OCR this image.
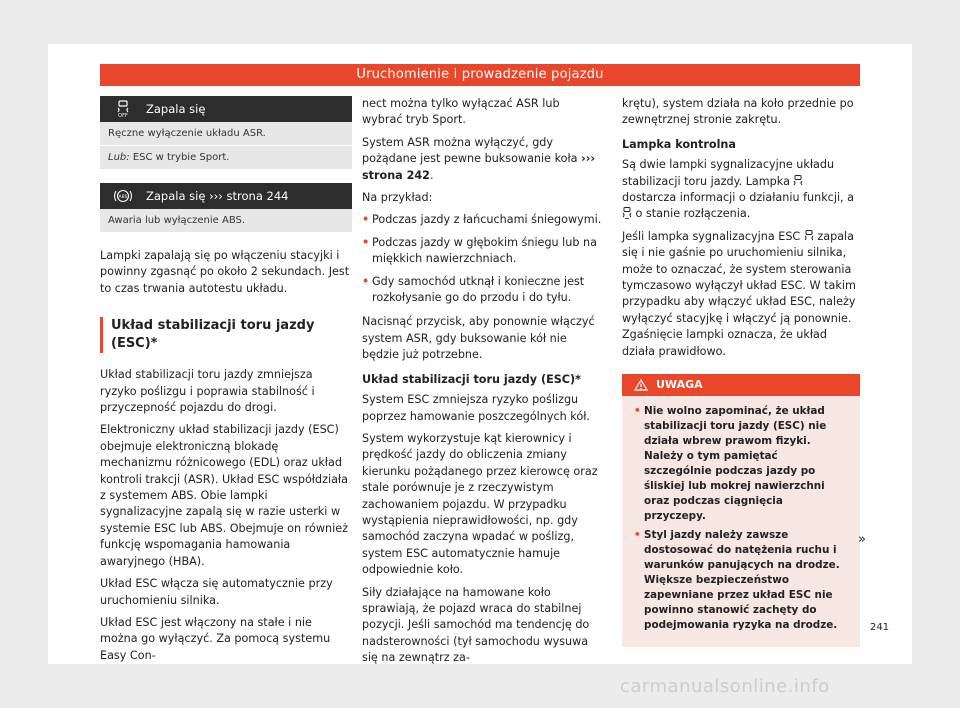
Uruchomienie i prowadzenie pojazdu
OFF
Zapala się
Ręczne wyłączenie układu ASR.
Lub: ESC w trybie Sport.
ABS Zapala się ››› strona 244
Awaria lub wyłączenie ABS.

Lampki zapalają się po włączeniu stacyjki i powinny zgasnąć po około 2 sekundach. Jest to czas trwania autotestu układu.

Układ stabilizacji toru jazdy (ESC)*

Układ stabilizacji toru jazdy zmniejsza ryzyko poślizgu i poprawia stabilność i przyczepność pojazdu do drogi.

Elektroniczny układ stabilizacji jazdy (ESC) obejmuje elektroniczną blokadę mechanizmu różnicowego (EDL) oraz układ kontroli trakcji (ASR). Układ ESC współdziała z systemem ABS. Obie lampki sygnalizacyjne zapalą się w razie usterki w systemie ESC lub ABS. Obejmuje on również funkcję wspomagania hamowania awaryjnego (HBA).

Układ ESC włącza się automatycznie przy uruchomieniu silnika.

Układ ESC jest włączony na stałe i nie można go wyłączyć. Za pomocą systemu Easy Con-

nect można tylko wyłączać ASR lub wybrać tryb Sport.

System ASR można wyłączyć, gdy pożądane jest pewne buksowanie koła ››› strona 242.

Na przykład:

• Podczas jazdy z łańcuchami śniegowymi.
• Podczas jazdy w głębokim śniegu lub na miękkich nawierzchniach.
• Gdy samochód utknął i konieczne jest rozkołysanie go do przodu i do tyłu.

Nacisnąć przycisk, aby ponownie włączyć system ASR, gdy buksowanie kół nie będzie już potrzebne.

Układ stabilizacji toru jazdy (ESC)*

System ESC zmniejsza ryzyko poślizgu poprzez hamowanie poszczególnych kół.

System wykorzystuje kąt kierownicy i prędkość jazdy do obliczenia zmiany kierunku pożądanego przez kierowcę oraz stale porównuje je z rzeczywistym zachowaniem pojazdu. W przypadku wystąpienia nieprawidłowości, np. gdy samochód zaczyna wpadać w poślizg, system ESC automatycznie hamuje odpowiednie koło.

Siły działające na hamowane koło sprawiają, że pojazd wraca do stabilnej pozycji. Jeśli samochód ma tendencję do nadsterowności (tył samochodu wysuwa się na zewnątrz za-

krętu), system działa na koło przednie po zewnętrznej stronie zakrętu.

Lampka kontrolna

Są dwie lampki sygnalizacyjne układu stabilizacji toru jazdy. Lampka
dostarcza informacji o działaniu funkcji, a
o stanie rozłączenia.

Jeśli lampka sygnalizacyjna ESC
zapala się i nie gaśnie po uruchomieniu silnika, może to oznaczać, że system sterowania tymczasowo wyłączył układ ESC. W takim przypadku aby włączyć układ ESC, należy wyłączyć stacyjkę i włączyć ją ponownie. Zgaśnięcie lampki oznacza, że układ działa prawidłowo.

UWAGA
• Nie wolno zapominać, że układ stabilizacji toru jazdy (ESC) nie działa wbrew prawom fizyki. Należy o tym pamiętać szczególnie podczas jazdy po śliskiej lub mokrej nawierzchni oraz podczas ciągnięcia przyczepy.
• Styl jazdy należy zawsze dostosować do natężenia ruchu i warunków panujących na drodze. Większe bezpieczeństwo zapewniane przez układ ESC nie powinno stanowić zachęty do podejmowania ryzyka na drodze.
»
241
carmanualsonline.info
